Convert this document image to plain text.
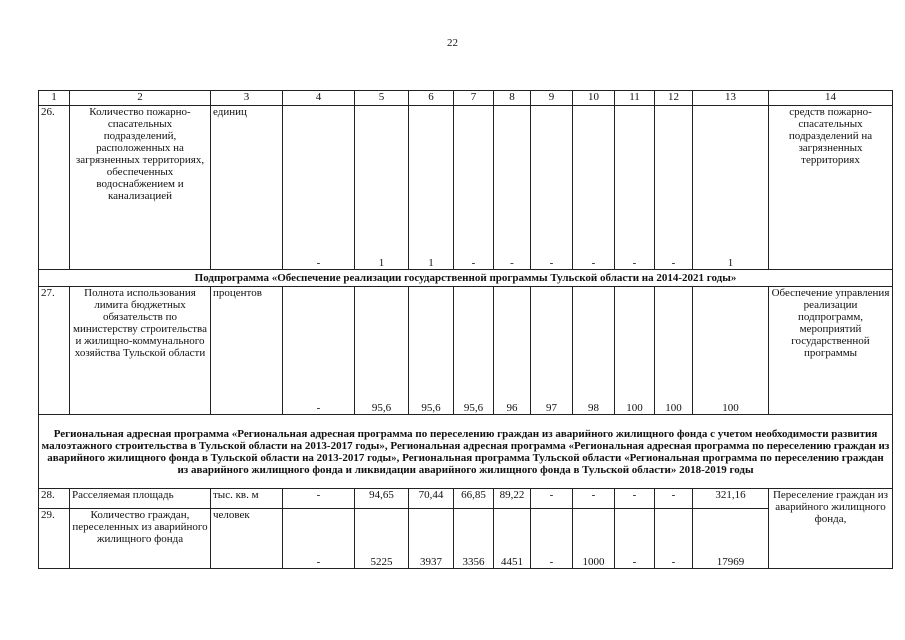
22
1	2	3	4	5	6	7	8	9	10	11	12	13	14
26.	Количество пожарно-спасательных подразделений, расположенных на загрязненных территориях, обеспеченных водоснабжением и канализацией	единиц	-	1	1	-	-	-	-	-	-	1	средств пожарно-спасательных подразделений на загрязненных территориях
Подпрограмма «Обеспечение реализации государственной программы Тульской области на 2014-2021 годы»													
27.	Полнота использования лимита бюджетных обязательств по министерству строительства и жилищно-коммунального хозяйства Тульской области	процентов	-	95,6	95,6	95,6	96	97	98	100	100	100	Обеспечение управления реализации подпрограмм, мероприятий государственной программы
Региональная адресная программа «Региональная адресная программа по переселению граждан из аварийного жилищного фонда с учетом необходимости развития малоэтажного строительства в Тульской области на 2013-2017 годы», Региональная адресная программа «Региональная адресная программа по переселению граждан из аварийного жилищного фонда в Тульской области на 2013-2017 годы», Региональная программа Тульской области «Региональная программа по переселению граждан из аварийного жилищного фонда и ликвидации аварийного жилищного фонда в Тульской области» 2018-2019 годы													
28.	Расселяемая площадь	тыс. кв. м	-	94,65	70,44	66,85	89,22	-	-	-	-	321,16	Переселение граждан из аварийного жилищного фонда,
29.	Количество граждан, переселенных из аварийного жилищного фонда	человек	-	5225	3937	3356	4451	-	1000	-	-	17969	
